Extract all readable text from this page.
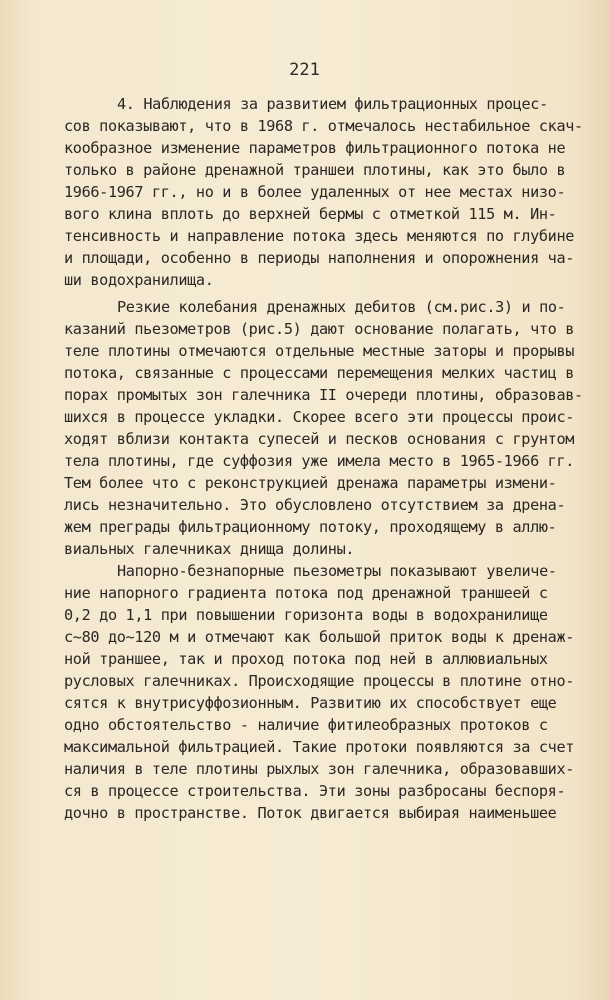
221
4. Наблюдения за развитием фильтрационных процес-
сов показывают, что в 1968 г. отмечалось нестабильное скач-
кообразное изменение параметров фильтрационного потока не
только в районе дренажной траншеи плотины, как это было в
1966-1967 гг., но и в более удаленных от нее местах низо-
вого клина вплоть до верхней бермы с отметкой 115 м. Ин-
тенсивность и направление потока здесь меняются по глубине
и площади, особенно в периоды наполнения и опорожнения ча-
ши водохранилища.
Резкие колебания дренажных дебитов (см.рис.3) и по-
казаний пьезометров (рис.5) дают основание полагать, что в
теле плотины отмечаются отдельные местные заторы и прорывы
потока, связанные с процессами перемещения мелких частиц в
порах промытых зон галечника II очереди плотины, образовав-
шихся в процессе укладки. Скорее всего эти процессы проис-
ходят вблизи контакта супесей и песков основания с грунтом
тела плотины, где суффозия уже имела место в 1965-1966 гг.
Тем более что с реконструкцией дренажа параметры измени-
лись незначительно. Это обусловлено отсутствием за дрена-
жем преграды фильтрационному потоку, проходящему в аллю-
виальных галечниках днища долины.
Напорно-безнапорные пьезометры показывают увеличе-
ние напорного градиента потока под дренажной траншеей с
0,2 до 1,1 при повышении горизонта воды в водохранилище
с~80 до~120 м и отмечают как большой приток воды к дренаж-
ной траншее, так и проход потока под ней в аллювиальных
русловых галечниках. Происходящие процессы в плотине отно-
сятся к внутрисуффозионным. Развитию их способствует еще
одно обстоятельство - наличие фитилеобразных протоков с
максимальной фильтрацией. Такие протоки появляются за счет
наличия в теле плотины рыхлых зон галечника, образовавших-
ся в процессе строительства. Эти зоны разбросаны беспоря-
дочно в пространстве. Поток двигается выбирая наименьшее
